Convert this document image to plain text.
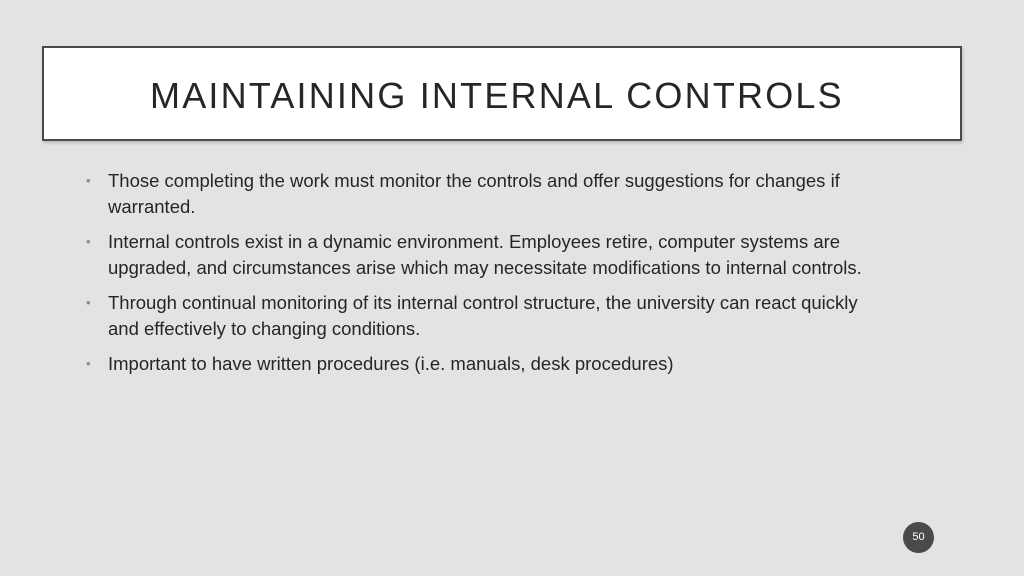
MAINTAINING INTERNAL CONTROLS
• Those completing the work must monitor the controls and offer suggestions for changes if warranted.
• Internal controls exist in a dynamic environment. Employees retire, computer systems are upgraded, and circumstances arise which may necessitate modifications to internal controls.
• Through continual monitoring of its internal control structure, the university can react quickly and effectively to changing conditions.
• Important to have written procedures (i.e. manuals, desk procedures)
50
